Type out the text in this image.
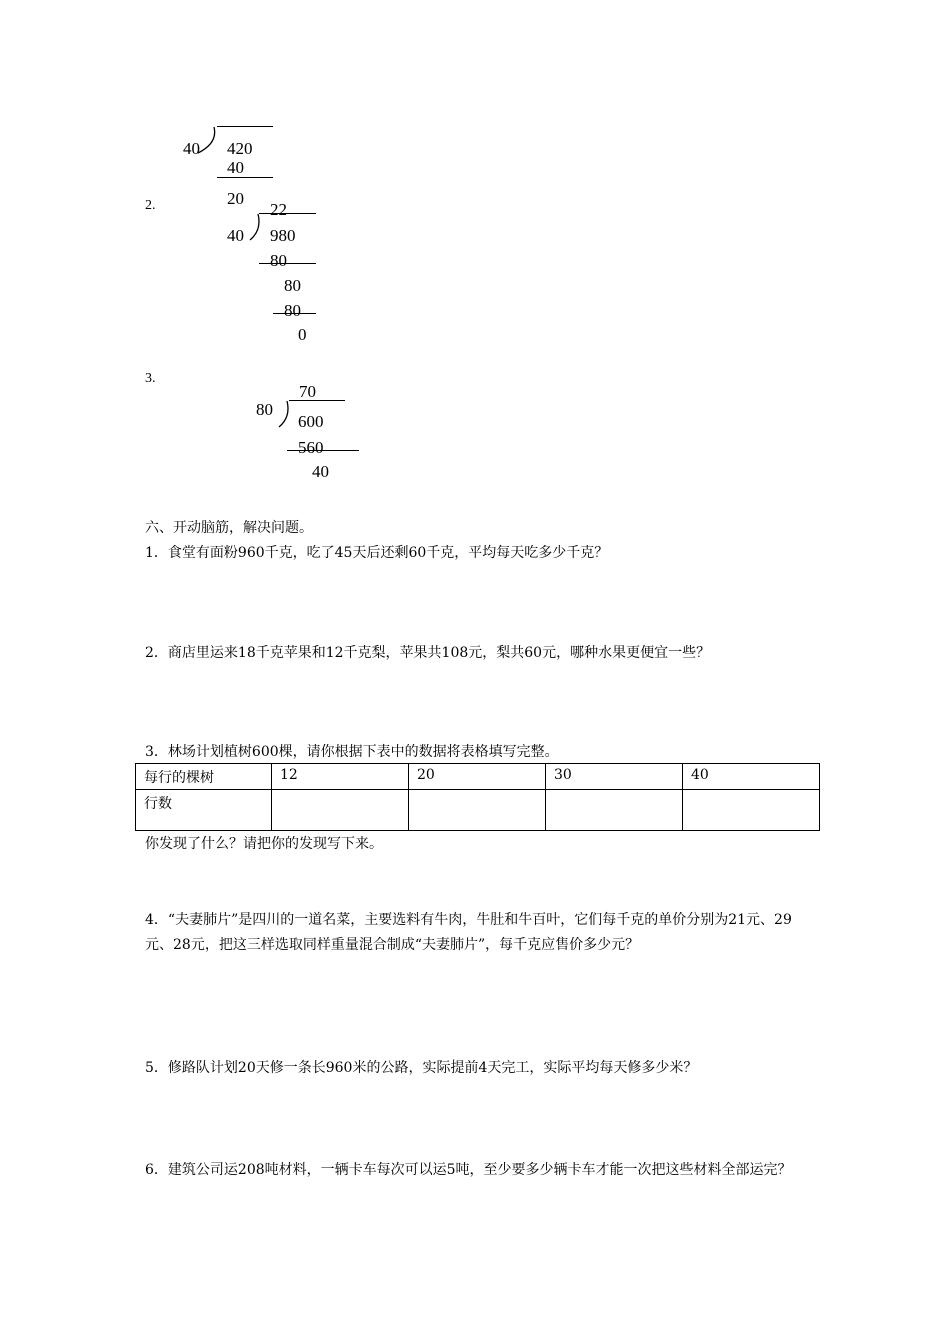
40 420
40
20
2.	22
40 980
80
80
80
0
3.
70
80
600
560
40
六、开动脑筋，解决问题。
1．食堂有面粉960千克，吃了45天后还剩60千克，平均每天吃多少千克？
2．商店里运来18千克苹果和12千克梨，苹果共108元，梨共60元，哪种水果更便宜一些？
3．林场计划植树600棵，请你根据下表中的数据将表格填写完整。
每行的棵树	12	20	30	40
行数				
你发现了什么？请把你的发现写下来。
4．“夫妻肺片”是四川的一道名菜，主要选料有牛肉，牛肚和牛百叶，它们每千克的单价分别为21元、29元、28元，把这三样选取同样重量混合制成“夫妻肺片”，每千克应售价多少元？
5．修路队计划20天修一条长960米的公路，实际提前4天完工，实际平均每天修多少米？
6．建筑公司运208吨材料，一辆卡车每次可以运5吨，至少要多少辆卡车才能一次把这些材料全部运完？
